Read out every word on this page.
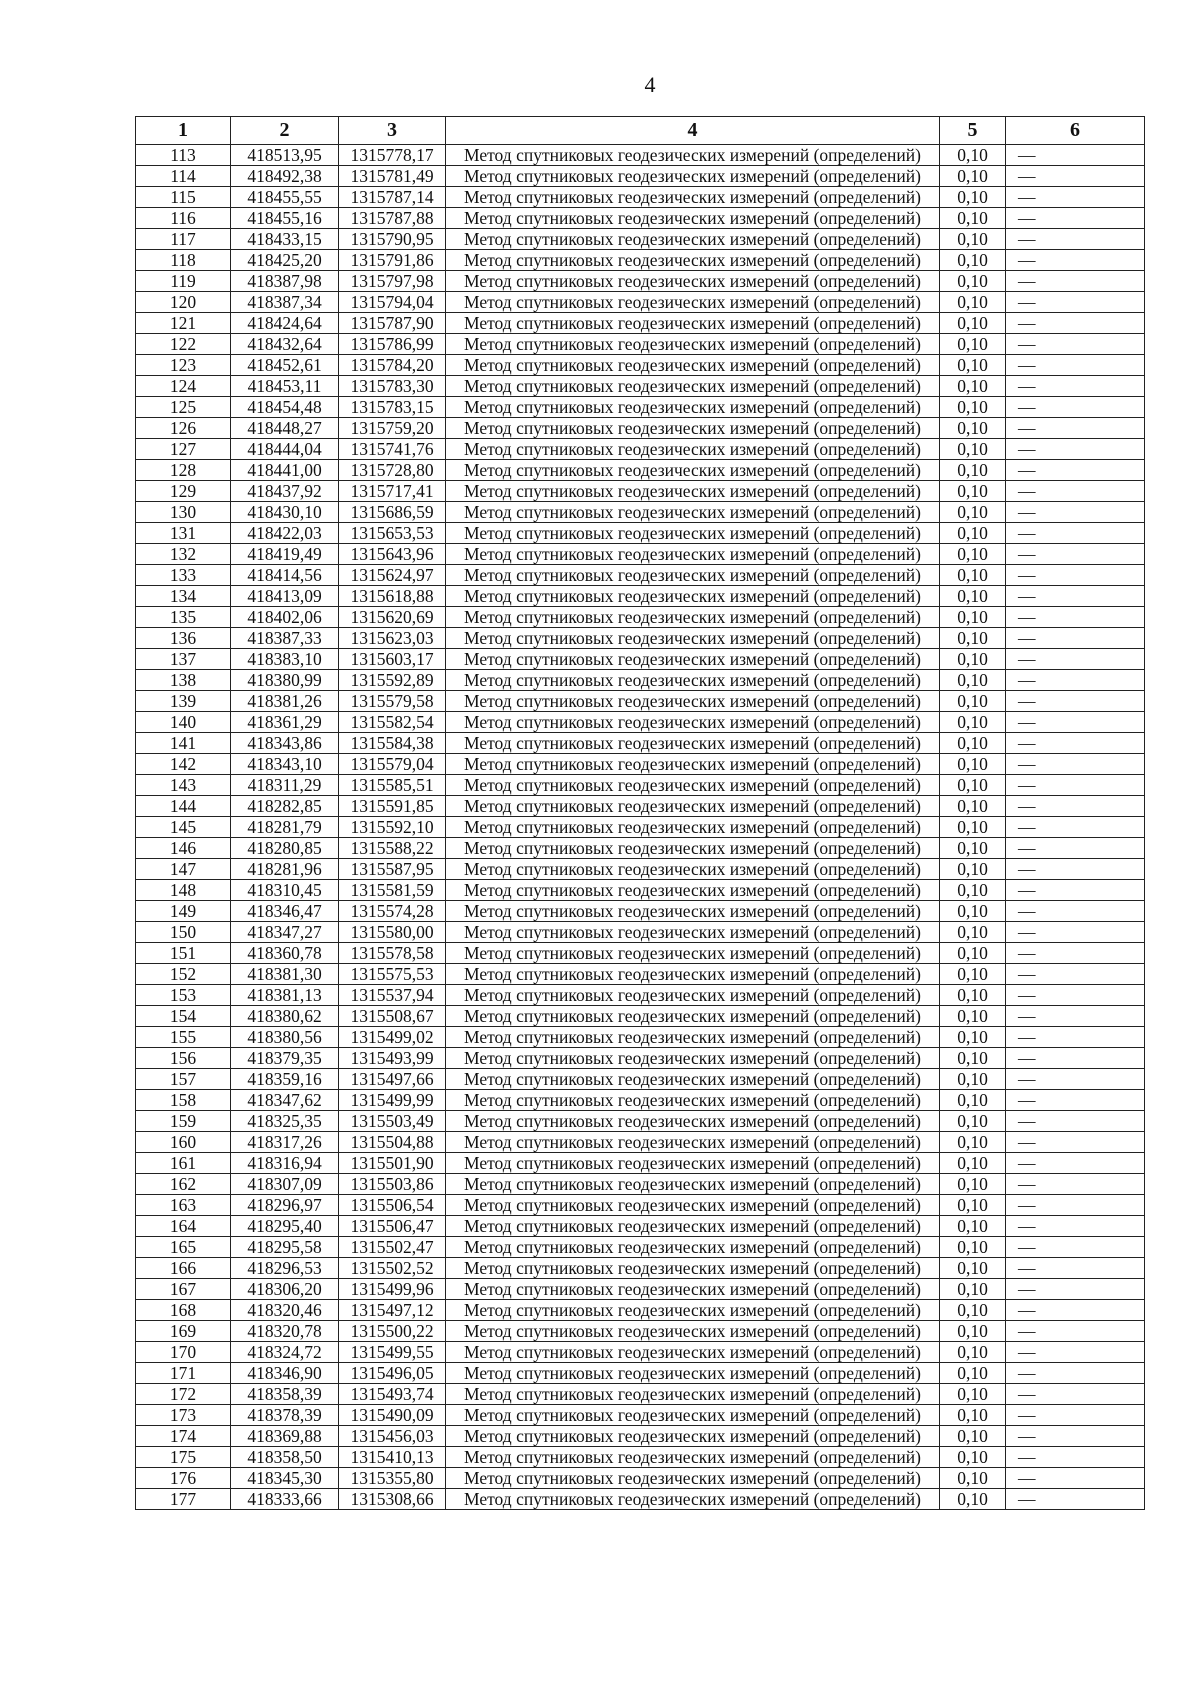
4
1	2	3	4	5	6
113	418513,95	1315778,17	Метод спутниковых геодезических измерений (определений)	0,10	—
114	418492,38	1315781,49	Метод спутниковых геодезических измерений (определений)	0,10	—
115	418455,55	1315787,14	Метод спутниковых геодезических измерений (определений)	0,10	—
116	418455,16	1315787,88	Метод спутниковых геодезических измерений (определений)	0,10	—
117	418433,15	1315790,95	Метод спутниковых геодезических измерений (определений)	0,10	—
118	418425,20	1315791,86	Метод спутниковых геодезических измерений (определений)	0,10	—
119	418387,98	1315797,98	Метод спутниковых геодезических измерений (определений)	0,10	—
120	418387,34	1315794,04	Метод спутниковых геодезических измерений (определений)	0,10	—
121	418424,64	1315787,90	Метод спутниковых геодезических измерений (определений)	0,10	—
122	418432,64	1315786,99	Метод спутниковых геодезических измерений (определений)	0,10	—
123	418452,61	1315784,20	Метод спутниковых геодезических измерений (определений)	0,10	—
124	418453,11	1315783,30	Метод спутниковых геодезических измерений (определений)	0,10	—
125	418454,48	1315783,15	Метод спутниковых геодезических измерений (определений)	0,10	—
126	418448,27	1315759,20	Метод спутниковых геодезических измерений (определений)	0,10	—
127	418444,04	1315741,76	Метод спутниковых геодезических измерений (определений)	0,10	—
128	418441,00	1315728,80	Метод спутниковых геодезических измерений (определений)	0,10	—
129	418437,92	1315717,41	Метод спутниковых геодезических измерений (определений)	0,10	—
130	418430,10	1315686,59	Метод спутниковых геодезических измерений (определений)	0,10	—
131	418422,03	1315653,53	Метод спутниковых геодезических измерений (определений)	0,10	—
132	418419,49	1315643,96	Метод спутниковых геодезических измерений (определений)	0,10	—
133	418414,56	1315624,97	Метод спутниковых геодезических измерений (определений)	0,10	—
134	418413,09	1315618,88	Метод спутниковых геодезических измерений (определений)	0,10	—
135	418402,06	1315620,69	Метод спутниковых геодезических измерений (определений)	0,10	—
136	418387,33	1315623,03	Метод спутниковых геодезических измерений (определений)	0,10	—
137	418383,10	1315603,17	Метод спутниковых геодезических измерений (определений)	0,10	—
138	418380,99	1315592,89	Метод спутниковых геодезических измерений (определений)	0,10	—
139	418381,26	1315579,58	Метод спутниковых геодезических измерений (определений)	0,10	—
140	418361,29	1315582,54	Метод спутниковых геодезических измерений (определений)	0,10	—
141	418343,86	1315584,38	Метод спутниковых геодезических измерений (определений)	0,10	—
142	418343,10	1315579,04	Метод спутниковых геодезических измерений (определений)	0,10	—
143	418311,29	1315585,51	Метод спутниковых геодезических измерений (определений)	0,10	—
144	418282,85	1315591,85	Метод спутниковых геодезических измерений (определений)	0,10	—
145	418281,79	1315592,10	Метод спутниковых геодезических измерений (определений)	0,10	—
146	418280,85	1315588,22	Метод спутниковых геодезических измерений (определений)	0,10	—
147	418281,96	1315587,95	Метод спутниковых геодезических измерений (определений)	0,10	—
148	418310,45	1315581,59	Метод спутниковых геодезических измерений (определений)	0,10	—
149	418346,47	1315574,28	Метод спутниковых геодезических измерений (определений)	0,10	—
150	418347,27	1315580,00	Метод спутниковых геодезических измерений (определений)	0,10	—
151	418360,78	1315578,58	Метод спутниковых геодезических измерений (определений)	0,10	—
152	418381,30	1315575,53	Метод спутниковых геодезических измерений (определений)	0,10	—
153	418381,13	1315537,94	Метод спутниковых геодезических измерений (определений)	0,10	—
154	418380,62	1315508,67	Метод спутниковых геодезических измерений (определений)	0,10	—
155	418380,56	1315499,02	Метод спутниковых геодезических измерений (определений)	0,10	—
156	418379,35	1315493,99	Метод спутниковых геодезических измерений (определений)	0,10	—
157	418359,16	1315497,66	Метод спутниковых геодезических измерений (определений)	0,10	—
158	418347,62	1315499,99	Метод спутниковых геодезических измерений (определений)	0,10	—
159	418325,35	1315503,49	Метод спутниковых геодезических измерений (определений)	0,10	—
160	418317,26	1315504,88	Метод спутниковых геодезических измерений (определений)	0,10	—
161	418316,94	1315501,90	Метод спутниковых геодезических измерений (определений)	0,10	—
162	418307,09	1315503,86	Метод спутниковых геодезических измерений (определений)	0,10	—
163	418296,97	1315506,54	Метод спутниковых геодезических измерений (определений)	0,10	—
164	418295,40	1315506,47	Метод спутниковых геодезических измерений (определений)	0,10	—
165	418295,58	1315502,47	Метод спутниковых геодезических измерений (определений)	0,10	—
166	418296,53	1315502,52	Метод спутниковых геодезических измерений (определений)	0,10	—
167	418306,20	1315499,96	Метод спутниковых геодезических измерений (определений)	0,10	—
168	418320,46	1315497,12	Метод спутниковых геодезических измерений (определений)	0,10	—
169	418320,78	1315500,22	Метод спутниковых геодезических измерений (определений)	0,10	—
170	418324,72	1315499,55	Метод спутниковых геодезических измерений (определений)	0,10	—
171	418346,90	1315496,05	Метод спутниковых геодезических измерений (определений)	0,10	—
172	418358,39	1315493,74	Метод спутниковых геодезических измерений (определений)	0,10	—
173	418378,39	1315490,09	Метод спутниковых геодезических измерений (определений)	0,10	—
174	418369,88	1315456,03	Метод спутниковых геодезических измерений (определений)	0,10	—
175	418358,50	1315410,13	Метод спутниковых геодезических измерений (определений)	0,10	—
176	418345,30	1315355,80	Метод спутниковых геодезических измерений (определений)	0,10	—
177	418333,66	1315308,66	Метод спутниковых геодезических измерений (определений)	0,10	—
